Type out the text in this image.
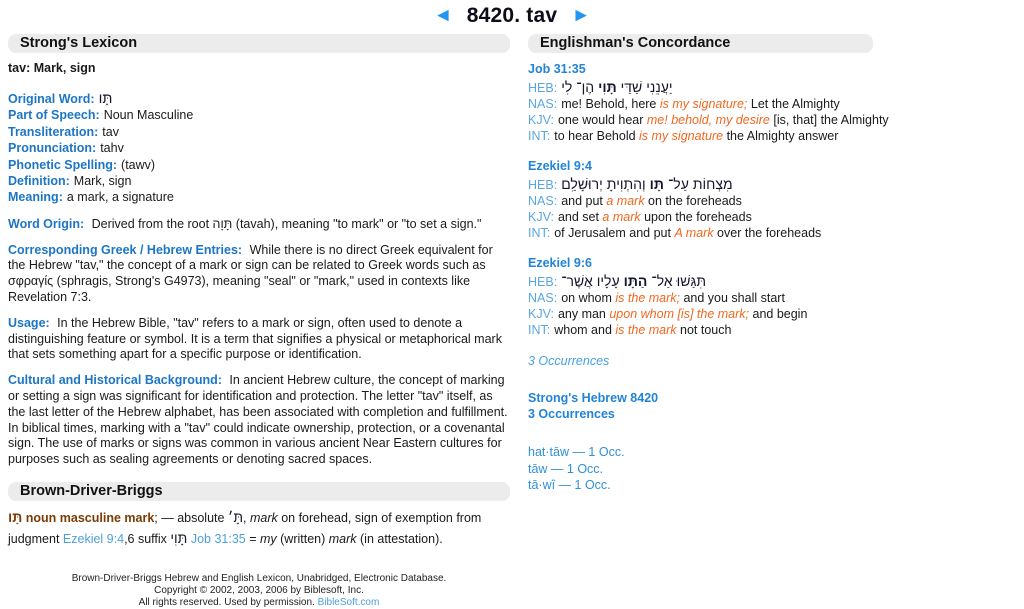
◄ 8420. tav ►
Strong's Lexicon

tav: Mark, sign

Original Word: תָּו
Part of Speech: Noun Masculine
Transliteration: tav
Pronunciation: tahv
Phonetic Spelling: (tawv)
Definition: Mark, sign
Meaning: a mark, a signature

Word Origin: Derived from the root תָּוָה (tavah), meaning "to mark" or "to set a sign."

Corresponding Greek / Hebrew Entries: While there is no direct Greek equivalent for the Hebrew "tav," the concept of a mark or sign can be related to Greek words such as σφραγίς (sphragis, Strong's G4973), meaning "seal" or "mark," used in contexts like Revelation 7:3.

Usage: In the Hebrew Bible, "tav" refers to a mark or sign, often used to denote a distinguishing feature or symbol. It is a term that signifies a physical or metaphorical mark that sets something apart for a specific purpose or identification.

Cultural and Historical Background: In ancient Hebrew culture, the concept of marking or setting a sign was significant for identification and protection. The letter "tav" itself, as the last letter of the Hebrew alphabet, has been associated with completion and fulfillment. In biblical times, marking with a "tav" could indicate ownership, protection, or a covenantal sign. The use of marks or signs was common in various ancient Near Eastern cultures for purposes such as sealing agreements or denoting sacred spaces.

Brown-Driver-Briggs

תָּו noun masculine mark; — absolute תָּ׳, mark on forehead, sign of exemption from judgment Ezekiel 9:4,6 suffix תָּוִי Job 31:35 = my (written) mark (in attestation).

Brown-Driver-Briggs Hebrew and English Lexicon, Unabridged, Electronic Database.
Copyright © 2002, 2003, 2006 by Biblesoft, Inc.
All rights reserved. Used by permission. BibleSoft.com
Englishman's Concordance
Job 31:35
HEB: לִי הֶן־ תָּוִי שַׁדַּי יַעֲנֵנִי
NAS: me! Behold, here is my signature; Let the Almighty
KJV: one would hear me! behold, my desire [is, that] the Almighty
INT: to hear Behold is my signature the Almighty answer
Ezekiel 9:4
HEB: יְרוּשָׁלִַם וְהִתְוִיתָ תָּו עַל־ מִצְחוֹת
NAS: and put a mark on the foreheads
KJV: and set a mark upon the foreheads
INT: of Jerusalem and put A mark over the foreheads
Ezekiel 9:6
HEB: אֲשֶׁר־ עָלָיו הַתָּו אַל־ תִּגַּשׁוּ
NAS: on whom is the mark; and you shall start
KJV: any man upon whom [is] the mark; and begin
INT: whom and is the mark not touch
3 Occurrences
Strong's Hebrew 8420
3 Occurrences
hat·tāw — 1 Occ.
tāw — 1 Occ.
tā·wî — 1 Occ.
